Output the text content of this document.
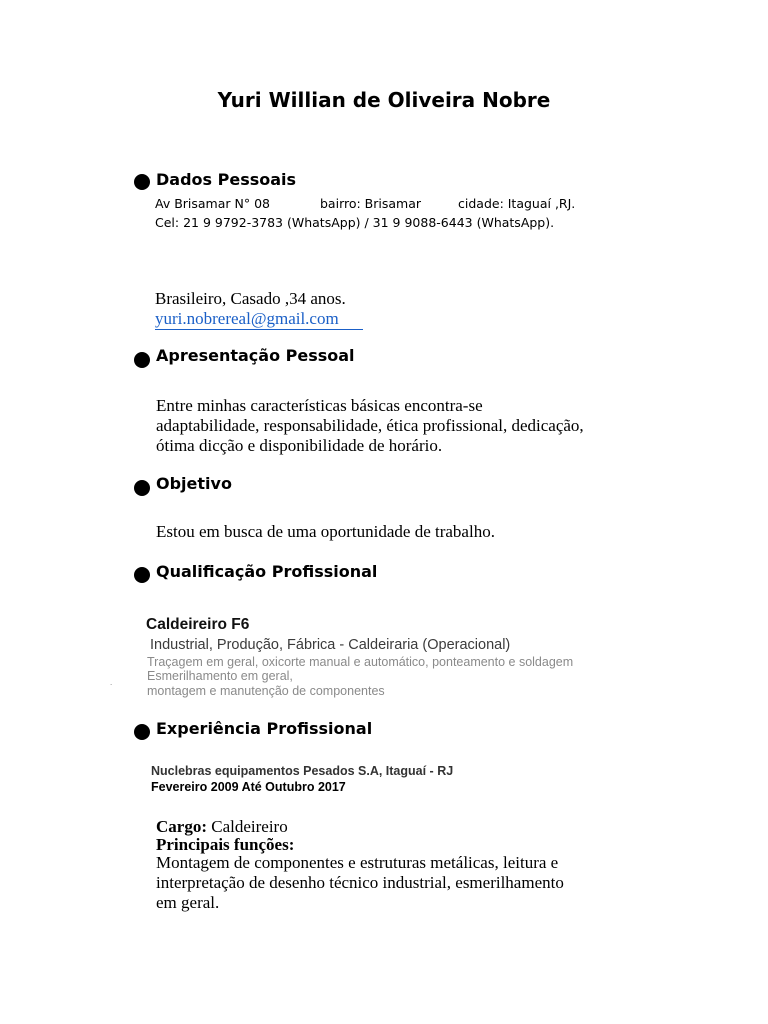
Yuri Willian de Oliveira Nobre
Dados Pessoais
Av Brisamar N° 08	bairro: Brisamar	cidade: Itaguaí ,RJ.
Cel: 21 9 9792-3783 (WhatsApp) / 31 9 9088-6443 (WhatsApp).
Brasileiro, Casado ,34 anos.
yuri.nobrereal@gmail.com
Apresentação Pessoal
Entre minhas características básicas encontra-se
adaptabilidade, responsabilidade, ética profissional, dedicação,
ótima dicção e disponibilidade de horário.
Objetivo
Estou em busca de uma oportunidade de trabalho.
Qualificação Profissional
Caldeireiro F6
Industrial, Produção, Fábrica - Caldeiraria (Operacional)
Traçagem em geral, oxicorte manual e automático, ponteamento e soldagem
Esmerilhamento em geral,
montagem e manutenção de componentes
.
Experiência Profissional
Nuclebras equipamentos Pesados S.A, Itaguaí - RJ
Fevereiro 2009 Até Outubro 2017
Cargo: Caldeireiro
Principais funções:
Montagem de componentes e estruturas metálicas, leitura e
interpretação de desenho técnico industrial, esmerilhamento
em geral.
